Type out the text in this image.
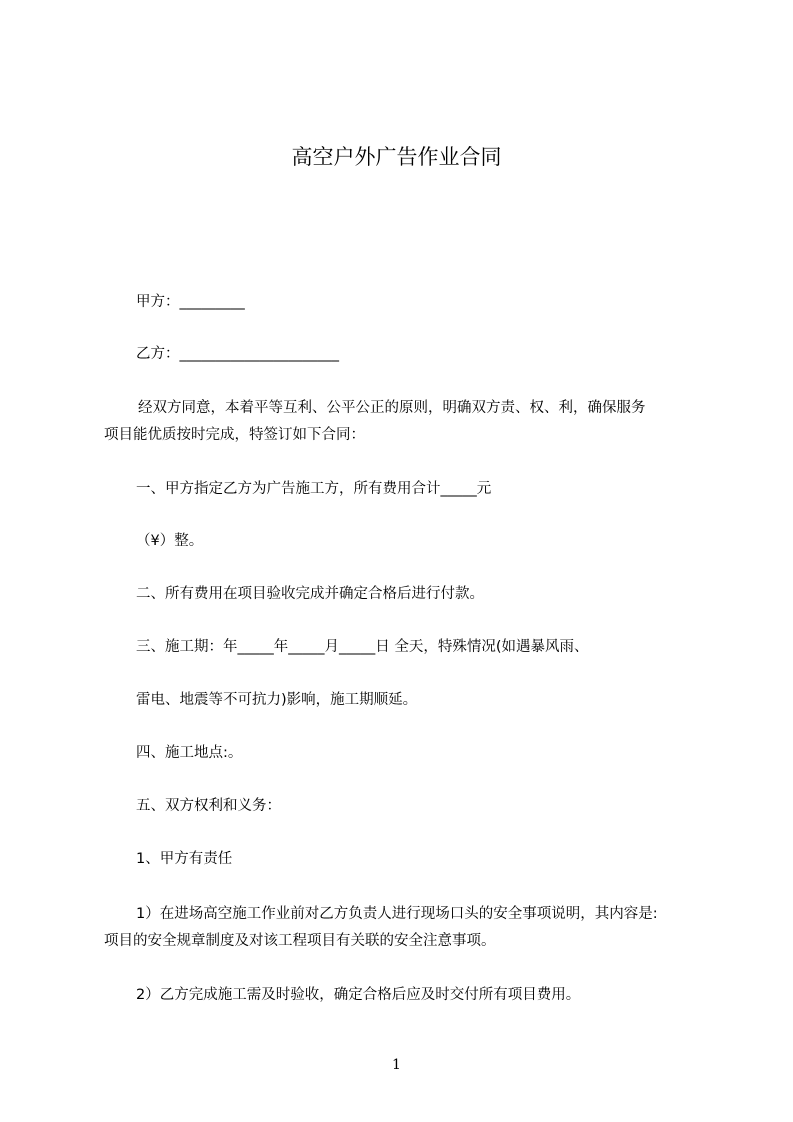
高空户外广告作业合同
甲方：_________
乙方：______________________
经双方同意，本着平等互利、公平公正的原则，明确双方责、权、利，确保服务
项目能优质按时完成，特签订如下合同：
一、甲方指定乙方为广告施工方，所有费用合计_____元
（¥）整。
二、所有费用在项目验收完成并确定合格后进行付款。
三、施工期：年_____年_____月_____日 全天，特殊情况(如遇暴风雨、
雷电、地震等不可抗力)影响，施工期顺延。
四、施工地点:。
五、双方权利和义务：
1、甲方有责任
1）在进场高空施工作业前对乙方负责人进行现场口头的安全事项说明，其内容是:
项目的安全规章制度及对该工程项目有关联的安全注意事项。
2）乙方完成施工需及时验收，确定合格后应及时交付所有项目费用。
1
